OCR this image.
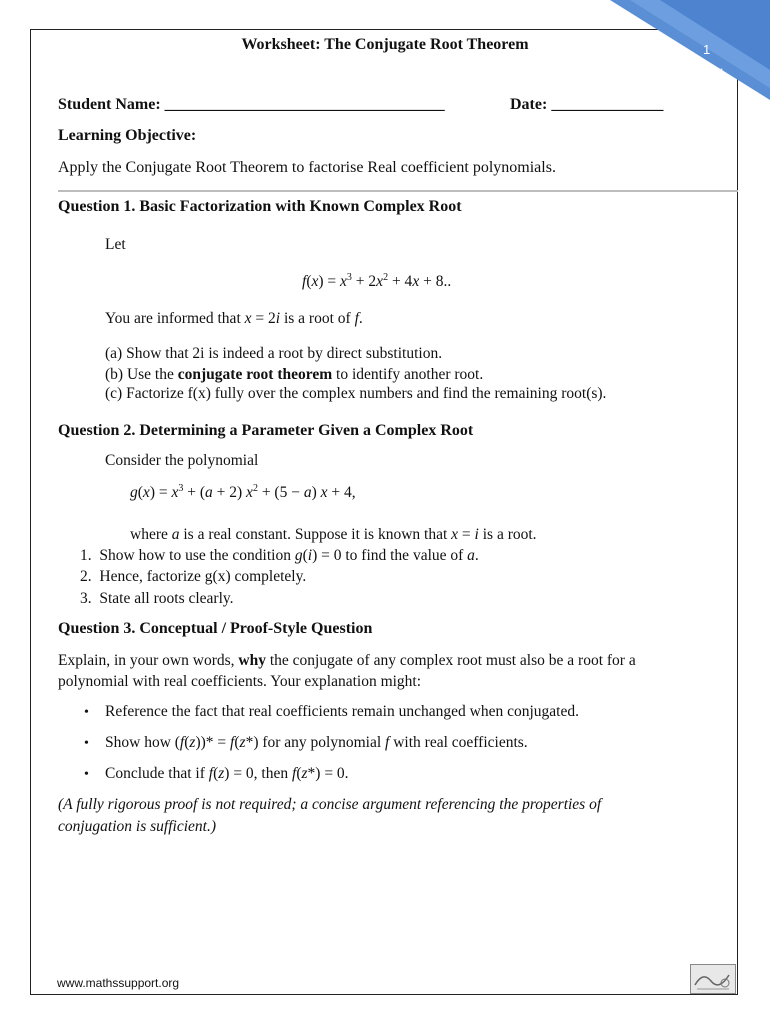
1
IB AAHL
Worksheet: The Conjugate Root Theorem
Student Name: ___________________________________	Date: ______________
Learning Objective:
Apply the Conjugate Root Theorem to factorise Real coefficient polynomials.
Question 1. Basic Factorization with Known Complex Root
Let
$f(x) = x^3 + 2x^2 + 4x + 8$..
You are informed that x = 2i is a root of f.
(a) Show that 2i is indeed a root by direct substitution.
(b) Use the conjugate root theorem to identify another root.
(c) Factorize f(x) fully over the complex numbers and find the remaining root(s).
Question 2. Determining a Parameter Given a Complex Root
Consider the polynomial
$g(x) = x^3 + (a + 2) x^2 + (5 - a) x + 4$,
where a is a real constant. Suppose it is known that x = i is a root.
1.  Show how to use the condition g(i) = 0 to find the value of a.
2.  Hence, factorize g(x) completely.
3.  State all roots clearly.
Question 3. Conceptual / Proof-Style Question
Explain, in your own words, why the conjugate of any complex root must also be a root for a
polynomial with real coefficients. Your explanation might:
• Reference the fact that real coefficients remain unchanged when conjugated.
• Show how (f(z))* = f(z*) for any polynomial f with real coefficients.
• Conclude that if f(z) = 0, then f(z*) = 0.
(A fully rigorous proof is not required; a concise argument referencing the properties of
conjugation is sufficient.)
www.mathssupport.org
